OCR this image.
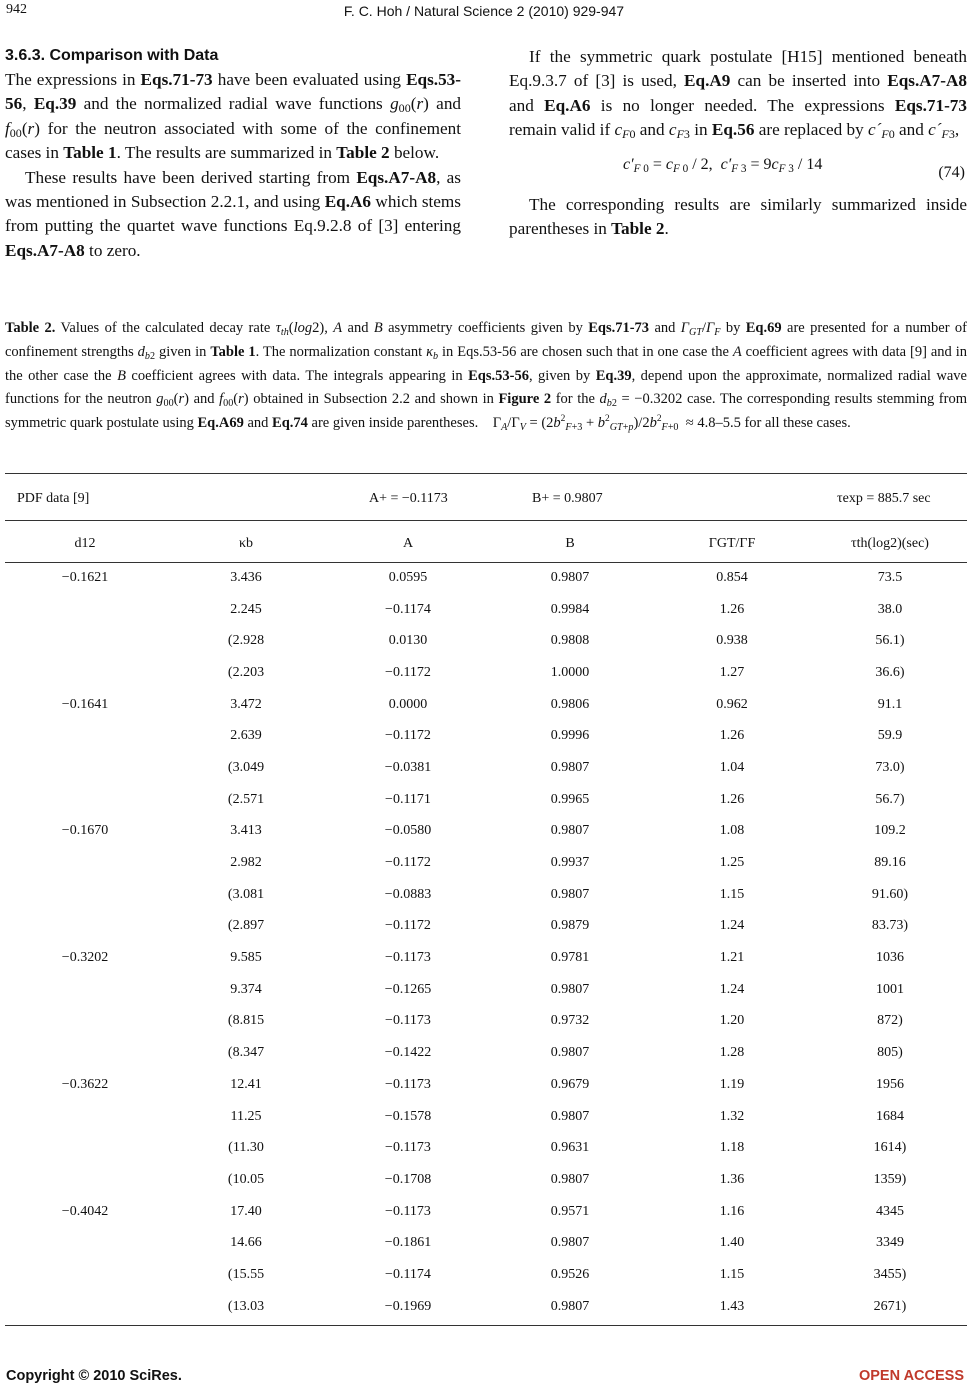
942	F. C. Hoh / Natural Science 2 (2010) 929-947
3.6.3. Comparison with Data

The expressions in Eqs.71-73 have been evaluated using Eqs.53-56, Eq.39 and the normalized radial wave functions $g_{00}(r)$ and $f_{00}(r)$ for the neutron associated with some of the confinement cases in Table 1. The results are summarized in Table 2 below.

These results have been derived starting from Eqs.A7-A8, as was mentioned in Subsection 2.2.1, and using Eq.A6 which stems from putting the quartet wave functions Eq.9.2.8 of [3] entering Eqs.A7-A8 to zero.

If the symmetric quark postulate [H15] mentioned beneath Eq.9.3.7 of [3] is used, Eq.A9 can be inserted into Eqs.A7-A8 and Eq.A6 is no longer needed. The expressions Eqs.71-73 remain valid if $c_{F0}$ and $c_{F3}$ in Eq.56 are replaced by $c´_{F0}$ and $c´_{F3}$,

$c'_{F 0} = c_{F 0} / 2$,  $c'_{F 3} = 9c_{F 3} / 14$	(74)

The corresponding results are similarly summarized inside parentheses in Table 2.

Table 2. Values of the calculated decay rate $\tau_{th}(\log 2)$, A and B asymmetry coefficients given by Eqs.71-73 and $\Gamma_{GT}/\Gamma_F$ by Eq.69 are presented for a number of confinement strengths $d_{b2}$ given in Table 1. The normalization constant $\kappa_b$ in Eqs.53-56 are chosen such that in one case the A coefficient agrees with data [9] and in the other case the B coefficient agrees with data. The integrals appearing in Eqs.53-56, given by Eq.39, depend upon the approximate, normalized radial wave functions for the neutron $g_{00}(r)$ and $f_{00}(r)$ obtained in Subsection 2.2 and shown in Figure 2 for the $d_{b2} = -0.3202$ case. The corresponding results stemming from symmetric quark postulate using Eq.A69 and Eq.74 are given inside parentheses.    $\Gamma_A/\Gamma_V = (2b^2_{F+3} + b^2_{GT+p})/2b^2_{F+0} \approx 4.8-5.5$ for all these cases.
PDF data [9]	A+ = −0.1173	B+ = 0.9807	τexp = 885.7 sec
d12	κb	A	B	ΓGT/ΓF	τth(log2)(sec)
−0.1621	3.436	0.0595	0.9807	0.854	73.5
	2.245	−0.1174	0.9984	1.26	38.0
	(2.928	0.0130	0.9808	0.938	56.1)
	(2.203	−0.1172	1.0000	1.27	36.6)
−0.1641	3.472	0.0000	0.9806	0.962	91.1
	2.639	−0.1172	0.9996	1.26	59.9
	(3.049	−0.0381	0.9807	1.04	73.0)
	(2.571	−0.1171	0.9965	1.26	56.7)
−0.1670	3.413	−0.0580	0.9807	1.08	109.2
	2.982	−0.1172	0.9937	1.25	89.16
	(3.081	−0.0883	0.9807	1.15	91.60)
	(2.897	−0.1172	0.9879	1.24	83.73)
−0.3202	9.585	−0.1173	0.9781	1.21	1036
	9.374	−0.1265	0.9807	1.24	1001
	(8.815	−0.1173	0.9732	1.20	872)
	(8.347	−0.1422	0.9807	1.28	805)
−0.3622	12.41	−0.1173	0.9679	1.19	1956
	11.25	−0.1578	0.9807	1.32	1684
	(11.30	−0.1173	0.9631	1.18	1614)
	(10.05	−0.1708	0.9807	1.36	1359)
−0.4042	17.40	−0.1173	0.9571	1.16	4345
	14.66	−0.1861	0.9807	1.40	3349
	(15.55	−0.1174	0.9526	1.15	3455)
	(13.03	−0.1969	0.9807	1.43	2671)
Copyright © 2010 SciRes.	OPEN ACCESS
